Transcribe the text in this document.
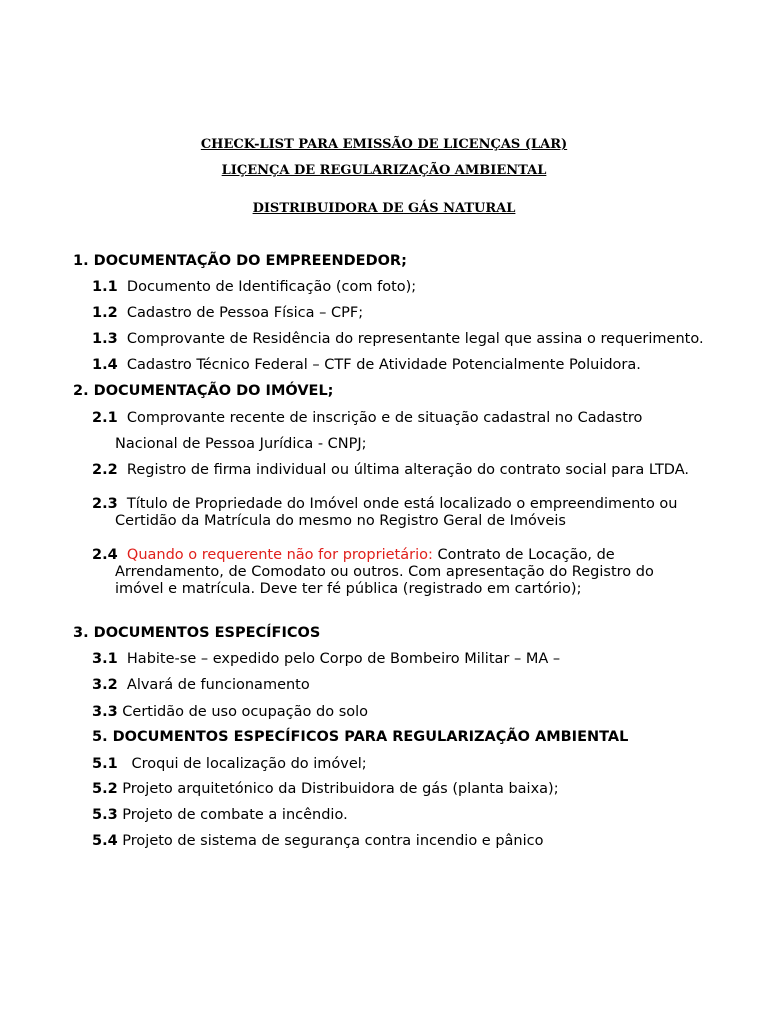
CHECK-LIST PARA EMISSÃO DE LICENÇAS (LAR)
LIÇENÇA DE REGULARIZAÇÃO AMBIENTAL
DISTRIBUIDORA DE GÁS NATURAL
1. DOCUMENTAÇÃO DO EMPREENDEDOR;
1.1 Documento de Identificação (com foto);
1.2 Cadastro de Pessoa Física – CPF;
1.3 Comprovante de Residência do representante legal que assina o requerimento.
1.4 Cadastro Técnico Federal – CTF de Atividade Potencialmente Poluidora.
2. DOCUMENTAÇÃO DO IMÓVEL;
2.1 Comprovante recente de inscrição e de situação cadastral no Cadastro
Nacional de Pessoa Jurídica - CNPJ;
2.2 Registro de firma individual ou última alteração do contrato social para LTDA.
2.3 Título de Propriedade do Imóvel onde está localizado o empreendimento ou
Certidão da Matrícula do mesmo no Registro Geral de Imóveis
2.4 Quando o requerente não for proprietário: Contrato de Locação, de
Arrendamento, de Comodato ou outros. Com apresentação do Registro do
imóvel e matrícula. Deve ter fé pública (registrado em cartório);
3. DOCUMENTOS ESPECÍFICOS
3.1 Habite-se – expedido pelo Corpo de Bombeiro Militar – MA –
3.2 Alvará de funcionamento
3.3 Certidão de uso ocupação do solo
5. DOCUMENTOS ESPECÍFICOS PARA REGULARIZAÇÃO AMBIENTAL
5.1 Croqui de localização do imóvel;
5.2 Projeto arquitetónico da Distribuidora de gás (planta baixa);
5.3 Projeto de combate a incêndio.
5.4 Projeto de sistema de segurança contra incendio e pânico
